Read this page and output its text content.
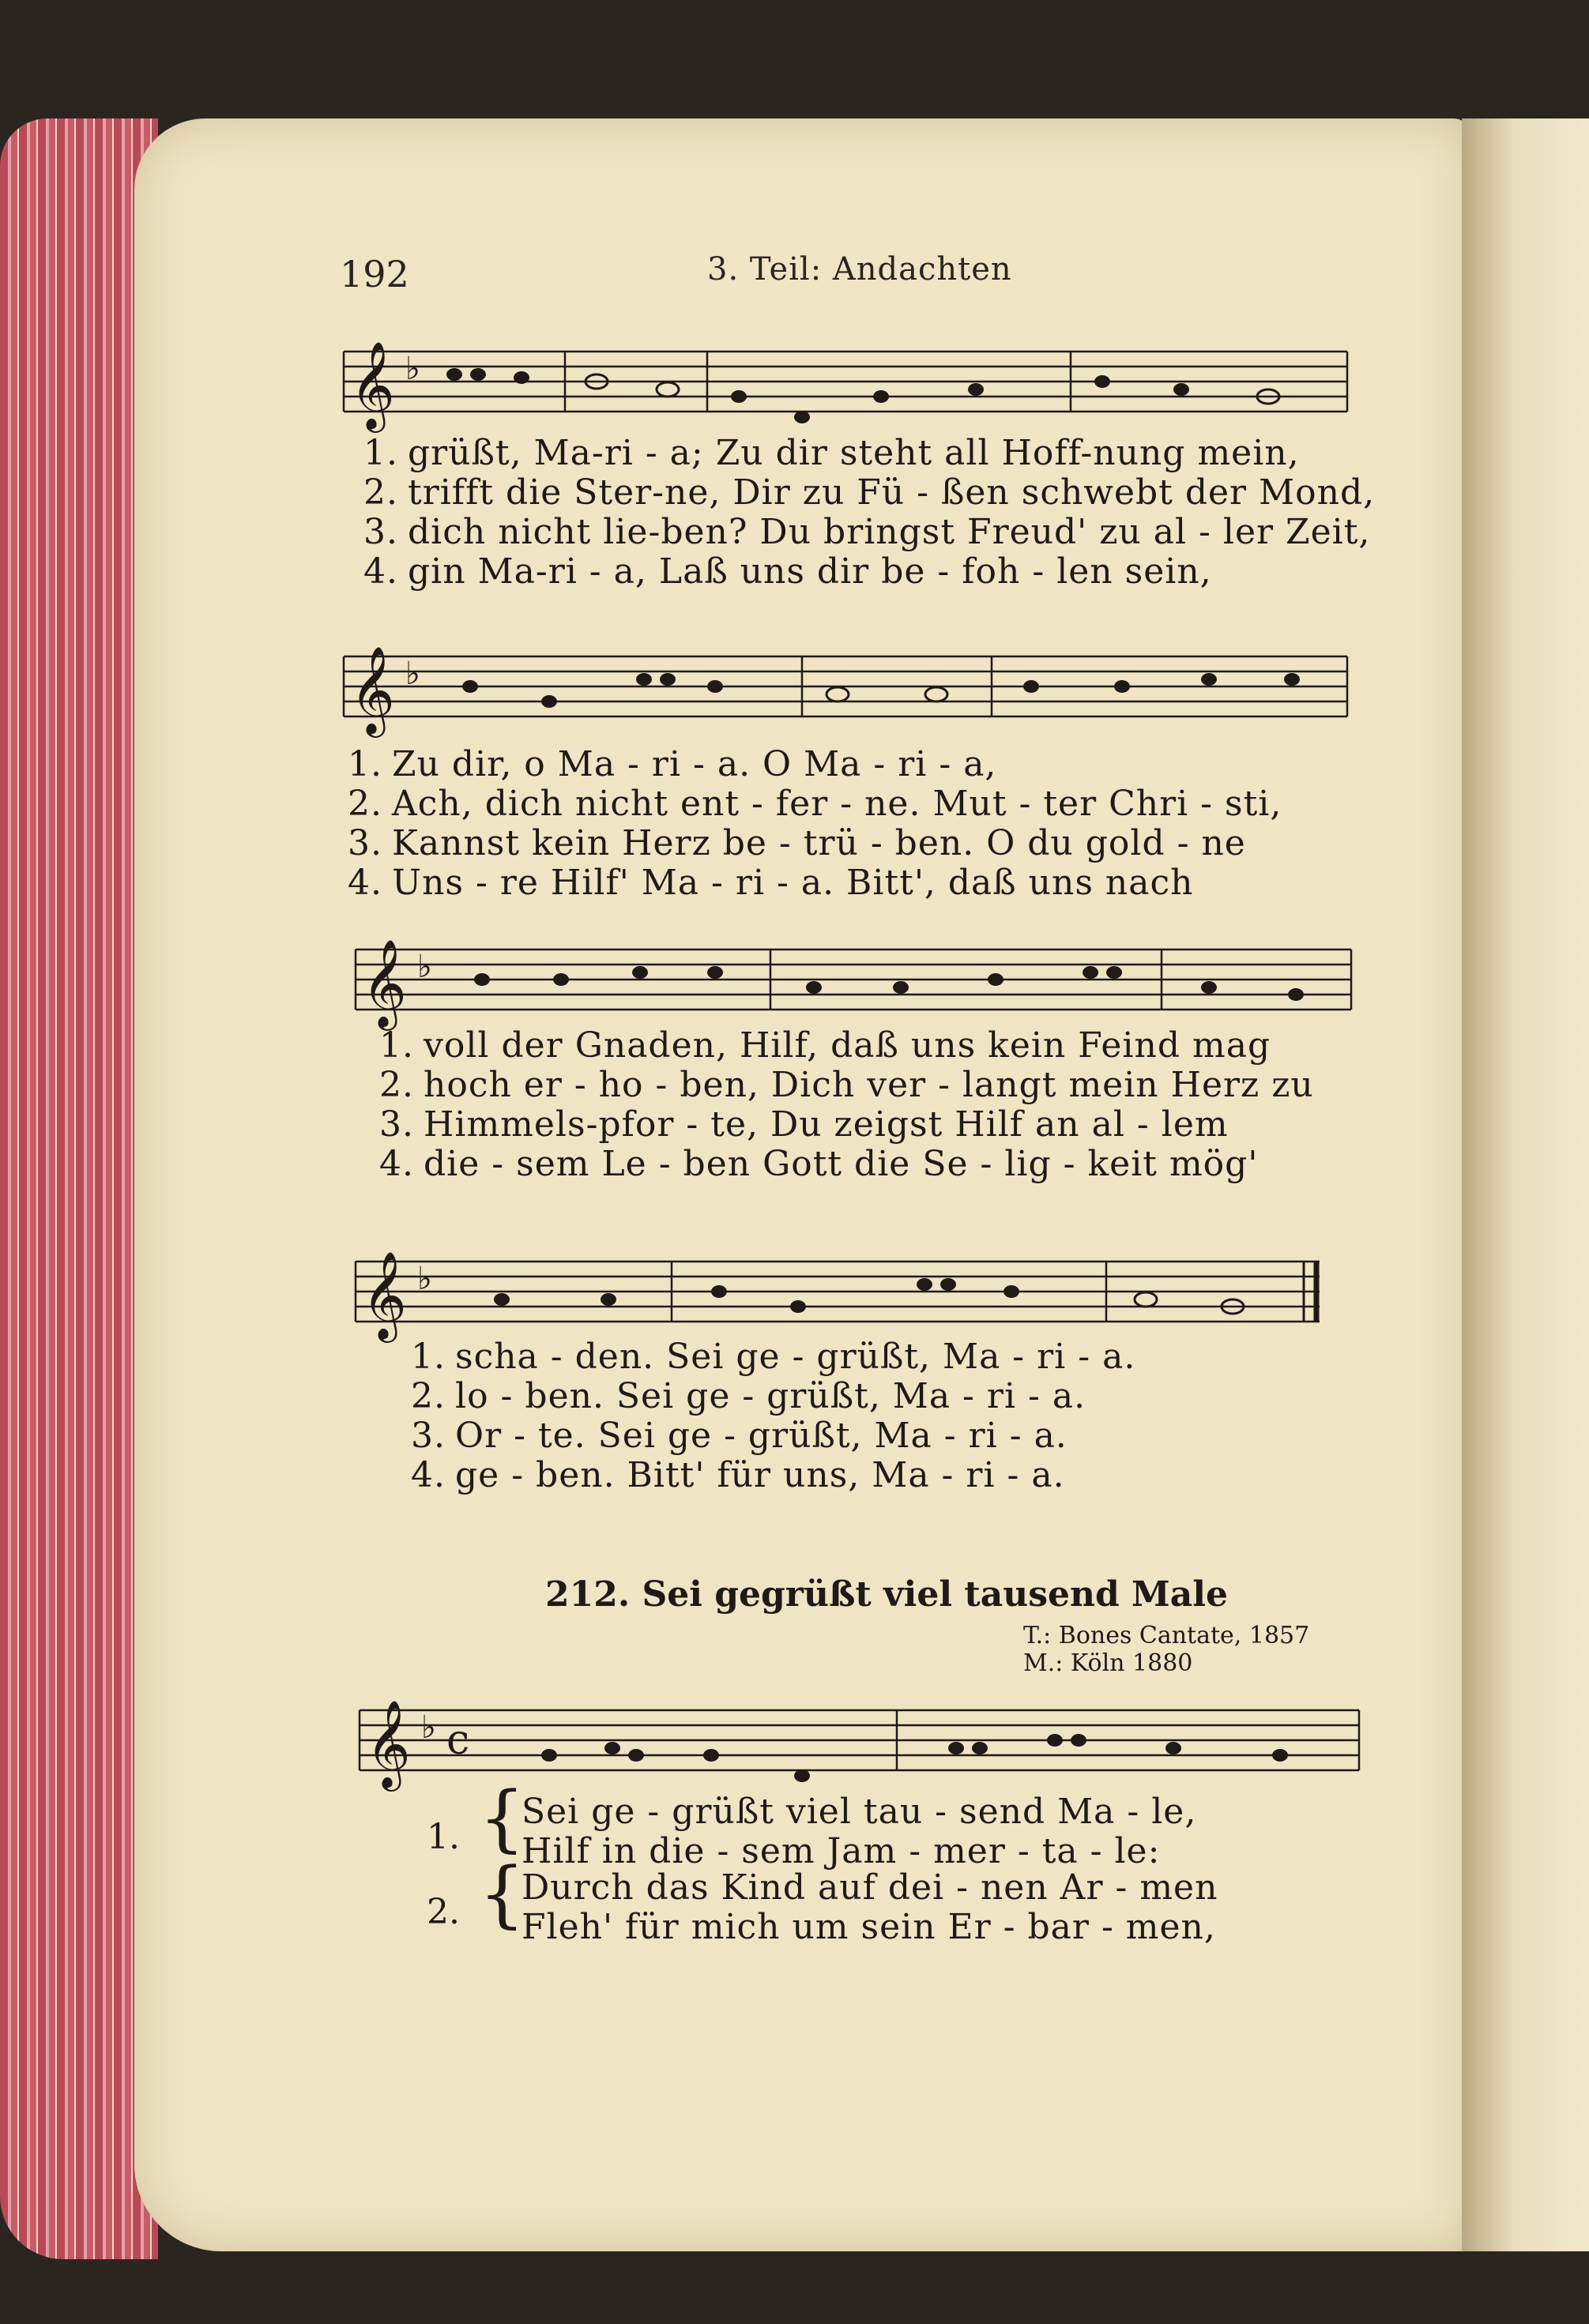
192	3. Teil: Andachten

𝄞 ♭
1. grüßt, Ma-ri - a; Zu dir steht all Hoff-nung mein,
2. trifft die Ster-ne, Dir zu Fü - ßen schwebt der Mond,
3. dich nicht lie-ben? Du bringst Freud' zu al - ler Zeit,
4. gin Ma-ri - a, Laß uns dir be - foh - len sein,
𝄞 ♭
1. Zu dir, o Ma - ri - a. O Ma - ri - a,
2. Ach, dich nicht ent - fer - ne. Mut - ter Chri - sti,
3. Kannst kein Herz be - trü - ben. O du gold - ne
4. Uns - re Hilf' Ma - ri - a. Bitt', daß uns nach
𝄞 ♭
1. voll der Gnaden, Hilf, daß uns kein Feind mag
2. hoch er - ho - ben, Dich ver - langt mein Herz zu
3. Himmels-pfor - te, Du zeigst Hilf an al - lem
4. die - sem Le - ben Gott die Se - lig - keit mög'
𝄞 ♭
1. scha - den. Sei ge - grüßt, Ma - ri - a.
2. lo - ben. Sei ge - grüßt, Ma - ri - a.
3. Or - te. Sei ge - grüßt, Ma - ri - a.
4. ge - ben. Bitt' für uns, Ma - ri - a.

212. Sei gegrüßt viel tausend Male

T.: Bones Cantate, 1857

M.: Köln 1880

𝄞 ♭ c
1. {
Sei ge - grüßt viel tau - send Ma - le,
Hilf in die - sem Jam - mer - ta - le:
2. {
Durch das Kind auf dei - nen Ar - men
Fleh' für mich um sein Er - bar - men,
